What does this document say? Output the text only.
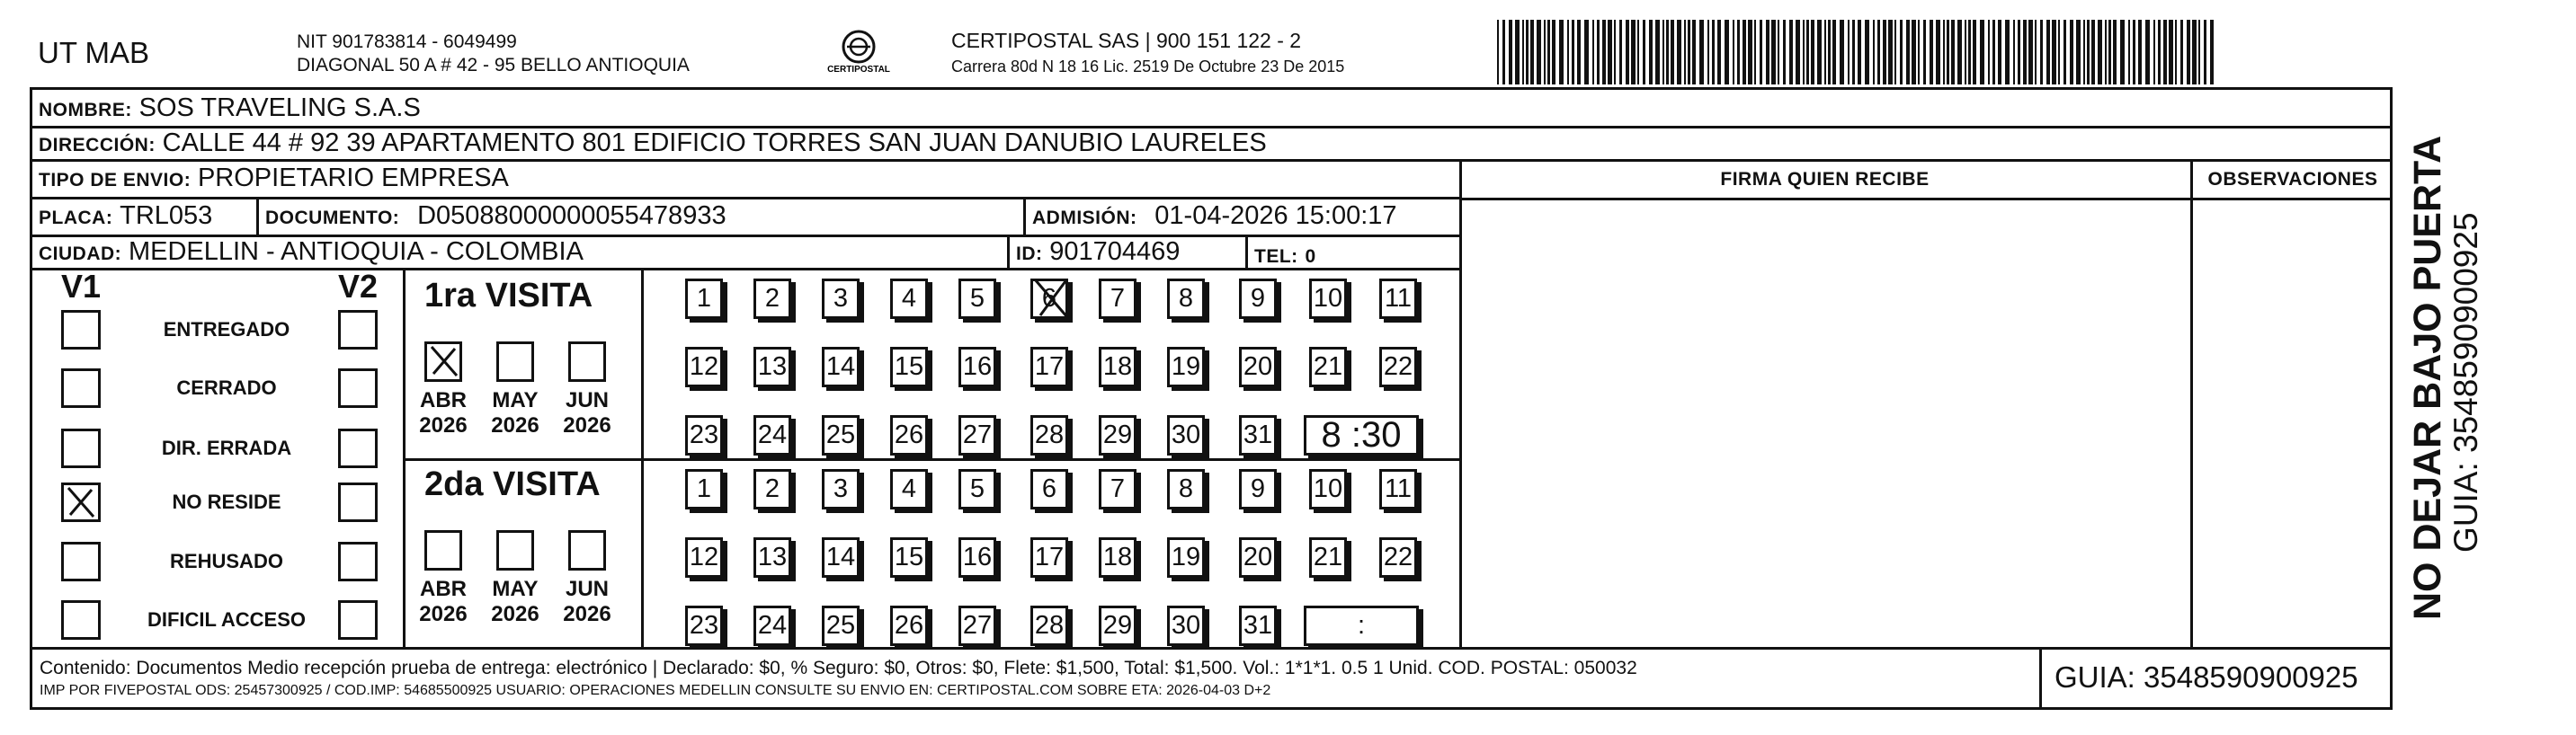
UT MAB	NIT 901783814 - 6049499
DIAGONAL 50 A # 42 - 95 BELLO ANTIOQUIA	CERTIPOSTAL
CERTIPOSTAL SAS | 900 151 122 - 2
Carrera 80d N 18 16 Lic. 2519 De Octubre 23 De 2015
NOMBRE: SOS TRAVELING S.A.S
DIRECCIÓN: CALLE 44 # 92 39 APARTAMENTO 801 EDIFICIO TORRES SAN JUAN DANUBIO LAURELES
TIPO DE ENVIO: PROPIETARIO EMPRESA
PLACA: TRL053	DOCUMENTO: D05088000000055478933	ADMISIÓN: 01-04-2026 15:00:17
CIUDAD: MEDELLIN - ANTIOQUIA - COLOMBIA	ID: 901704469	TEL: 0
FIRMA QUIEN RECIBE	OBSERVACIONES
V1	V2
ENTREGADO
CERRADO
DIR. ERRADA
NO RESIDE
REHUSADO
DIFICIL ACCESO
1ra VISITA
ABR
2026
MAY
2026
JUN
2026
1	2	3	4	5	6	7	8	9	10 11
12 13 14 15 16 17 18 19 20 21 22
23 24 25 26 27 28 29 30 31	8 :30
2da VISITA
ABR
2026
MAY
2026
JUN
2026
1	2	3	4	5	6	7	8	9	10 11
12 13 14 15 16 17 18 19 20 21 22
23 24 25 26 27 28 29 30 31	:
Contenido: Documentos Medio recepción prueba de entrega: electrónico | Declarado: $0, % Seguro: $0, Otros: $0, Flete: $1,500, Total: $1,500. Vol.: 1*1*1. 0.5 1 Unid. COD. POSTAL: 050032
IMP POR FIVEPOSTAL ODS: 25457300925 / COD.IMP: 54685500925 USUARIO: OPERACIONES MEDELLIN CONSULTE SU ENVIO EN: CERTIPOSTAL.COM SOBRE ETA: 2026-04-03 D+2	GUIA: 3548590900925
NO DEJAR BAJO PUERTA
GUIA: 3548590900925
